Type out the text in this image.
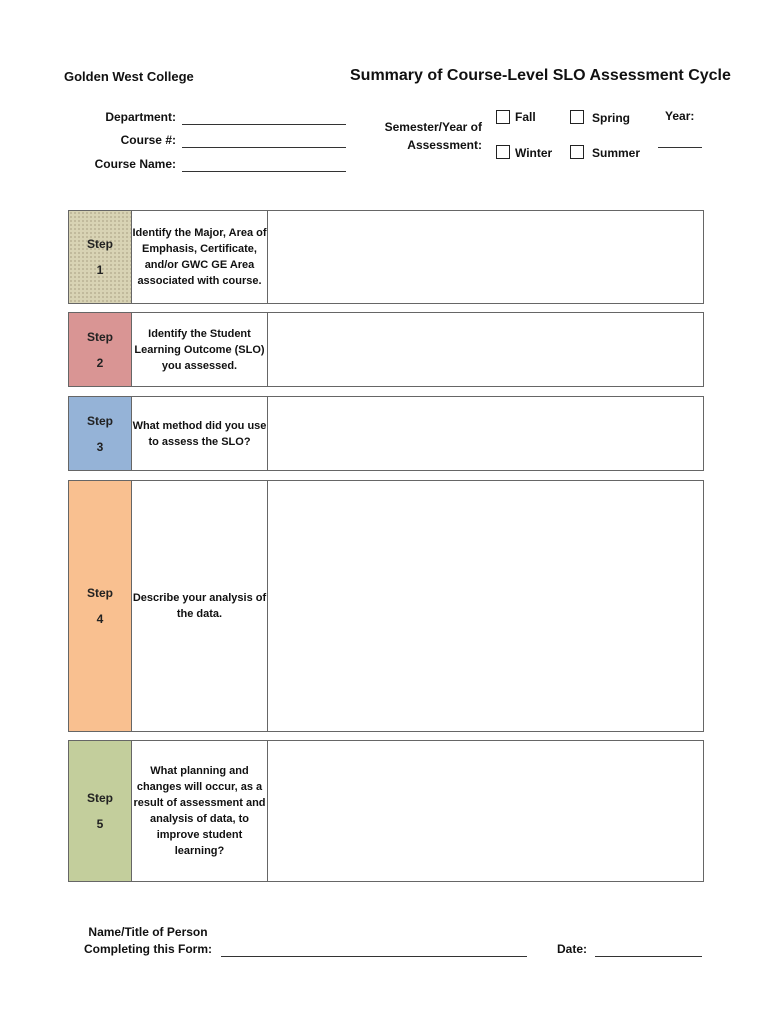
Golden West College	Summary of Course-Level SLO Assessment Cycle
Department:
Course #:
Course Name:
Semester/Year of
Assessment:
Fall	Spring
Winter	Summer
Year:
Step
1
Identify the Major, Area of Emphasis, Certificate, and/or GWC GE Area associated with course.
Step
2
Identify the Student Learning Outcome (SLO) you assessed.
Step
3
What method did you use to assess the SLO?
Step
4
Describe your analysis of the data.
Step
5
What planning and changes will occur, as a result of assessment and analysis of data, to improve student learning?
Name/Title of Person
Completing this Form:	Date:
